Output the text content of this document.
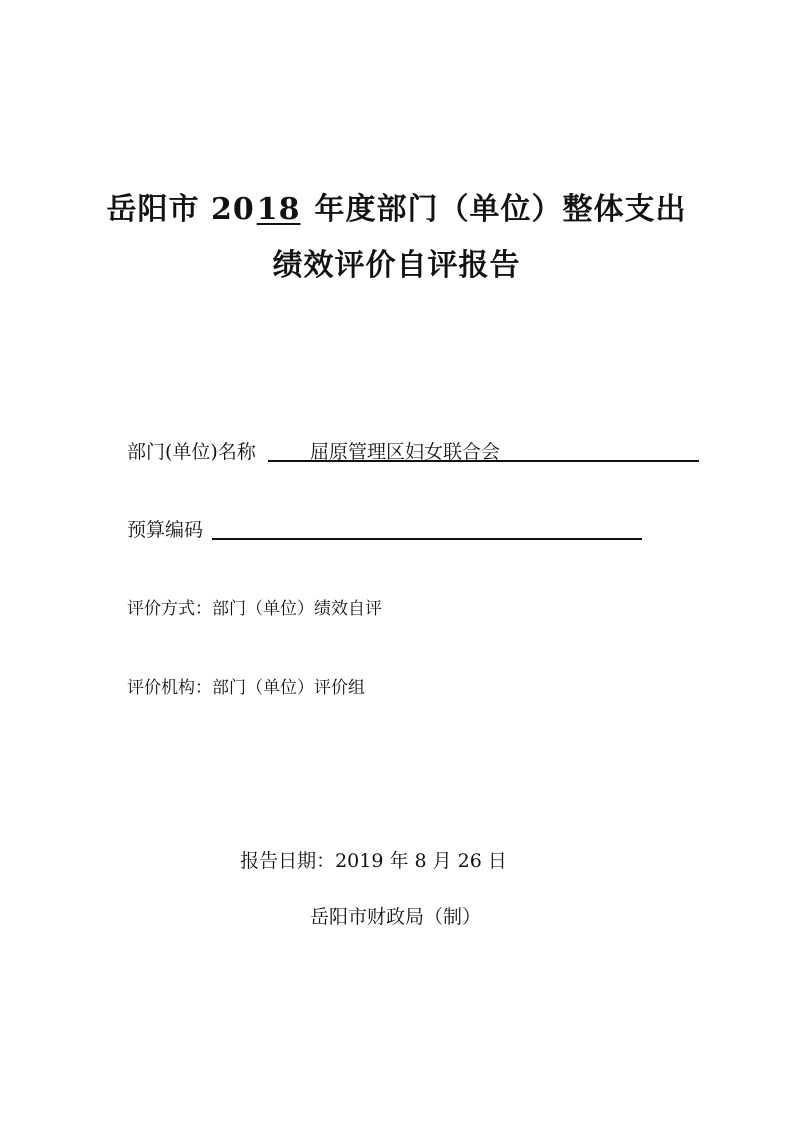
岳阳市 2018 年度部门（单位）整体支出
绩效评价自评报告
部门(单位)名称	屈原管理区妇女联合会
预算编码
评价方式：部门（单位）绩效自评
评价机构：部门（单位）评价组
报告日期：2019 年 8 月 26 日
岳阳市财政局（制）
